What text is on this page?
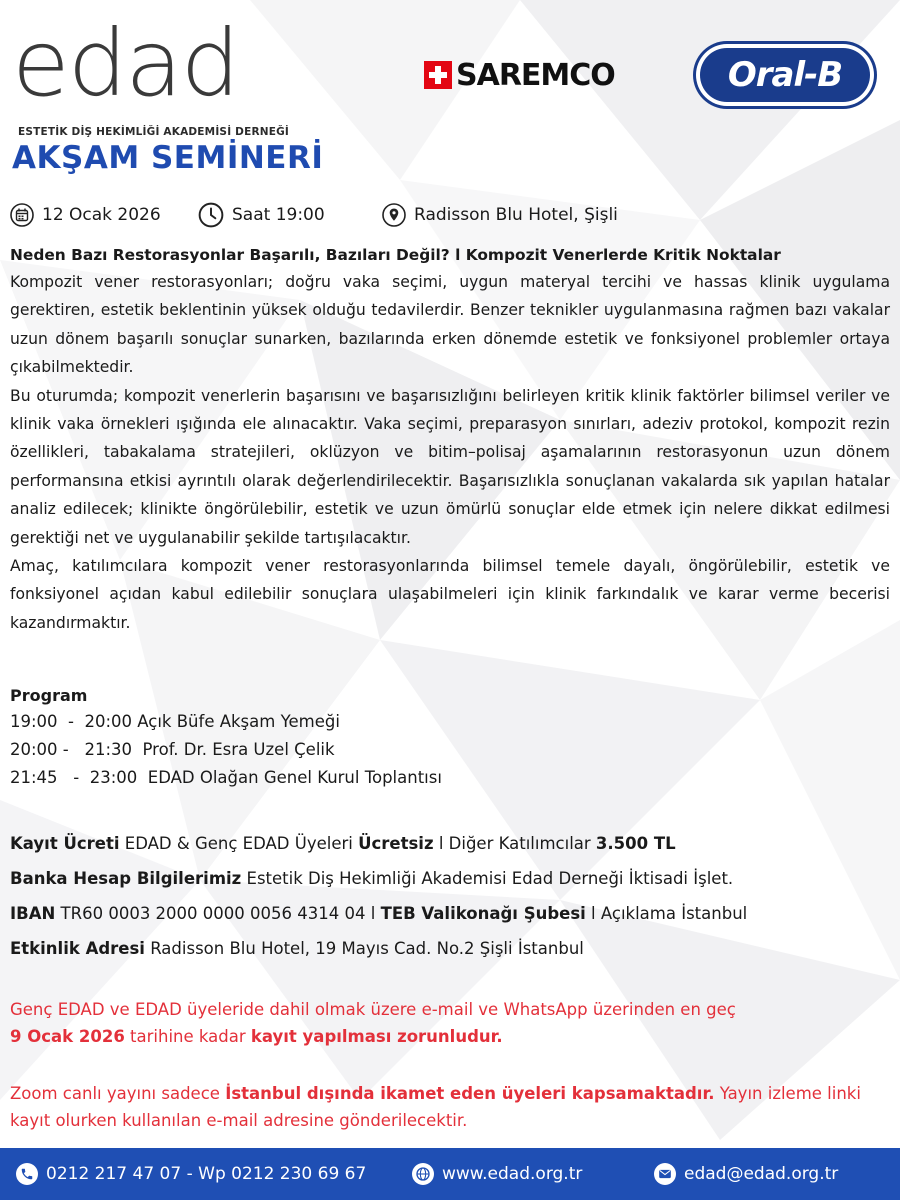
edad
ESTETİK DİŞ HEKİMLİĞİ AKADEMİSİ DERNEĞİ
SAREMCO	Oral-B
AKŞAM SEMİNERİ
12 Ocak 2026	Saat 19:00	Radisson Blu Hotel, Şişli
Neden Bazı Restorasyonlar Başarılı, Bazıları Değil? l Kompozit Venerlerde Kritik Noktalar

Kompozit vener restorasyonları; doğru vaka seçimi, uygun materyal tercihi ve hassas klinik uygulama gerektiren, estetik beklentinin yüksek olduğu tedavilerdir. Benzer teknikler uygulanmasına rağmen bazı vakalar uzun dönem başarılı sonuçlar sunarken, bazılarında erken dönemde estetik ve fonksiyonel problemler ortaya çıkabilmektedir.

Bu oturumda; kompozit venerlerin başarısını ve başarısızlığını belirleyen kritik klinik faktörler bilimsel veriler ve klinik vaka örnekleri ışığında ele alınacaktır. Vaka seçimi, preparasyon sınırları, adeziv protokol, kompozit rezin özellikleri, tabakalama stratejileri, oklüzyon ve bitim–polisaj aşamalarının restorasyonun uzun dönem performansına etkisi ayrıntılı olarak değerlendirilecektir. Başarısızlıkla sonuçlanan vakalarda sık yapılan hatalar analiz edilecek; klinikte öngörülebilir, estetik ve uzun ömürlü sonuçlar elde etmek için nelere dikkat edilmesi gerektiği net ve uygulanabilir şekilde tartışılacaktır.

Amaç, katılımcılara kompozit vener restorasyonlarında bilimsel temele dayalı, öngörülebilir, estetik ve fonksiyonel açıdan kabul edilebilir sonuçlara ulaşabilmeleri için klinik farkındalık ve karar verme becerisi kazandırmaktır.

Program
19:00  -  20:00 Açık Büfe Akşam Yemeği
20:00 -   21:30  Prof. Dr. Esra Uzel Çelik
21:45   -  23:00  EDAD Olağan Genel Kurul Toplantısı
Kayıt Ücreti EDAD & Genç EDAD Üyeleri Ücretsiz l Diğer Katılımcılar 3.500 TL
Banka Hesap Bilgilerimiz Estetik Diş Hekimliği Akademisi Edad Derneği İktisadi İşlet.
IBAN TR60 0003 2000 0000 0056 4314 04 l TEB Valikonağı Şubesi l Açıklama İstanbul
Etkinlik Adresi Radisson Blu Hotel, 19 Mayıs Cad. No.2 Şişli İstanbul
Genç EDAD ve EDAD üyeleride dahil olmak üzere e-mail ve WhatsApp üzerinden en geç
9 Ocak 2026 tarihine kadar kayıt yapılması zorunludur.
Zoom canlı yayını sadece İstanbul dışında ikamet eden üyeleri kapsamaktadır. Yayın izleme linki kayıt olurken kullanılan e-mail adresine gönderilecektir.
0212 217 47 07 - Wp 0212 230 69 67	www.edad.org.tr	edad@edad.org.tr
